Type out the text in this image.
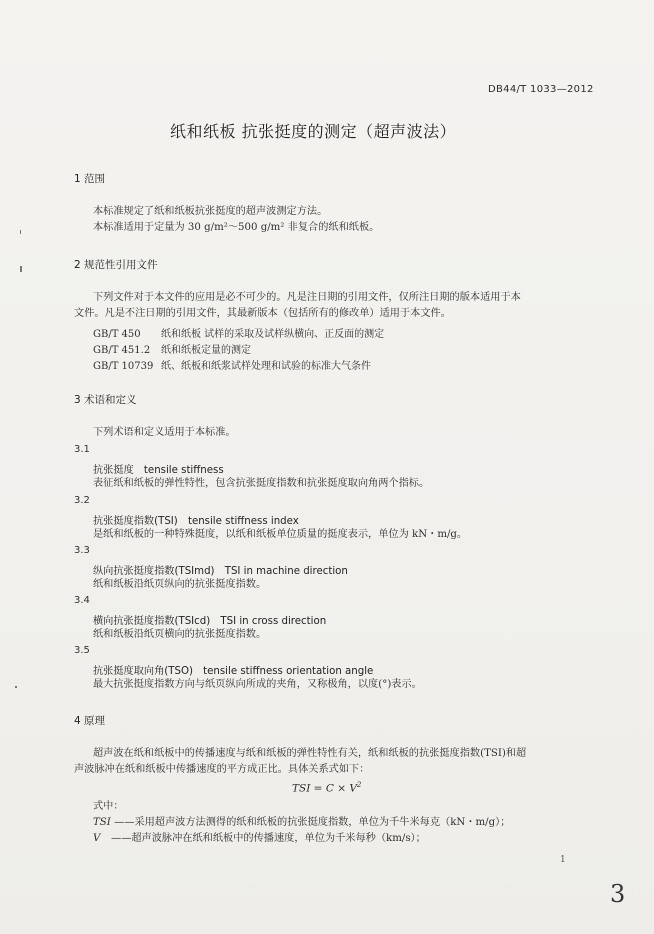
DB44/T 1033—2012
纸和纸板 抗张挺度的测定（超声波法）
1 范围
本标准规定了纸和纸板抗张挺度的超声波测定方法。
本标准适用于定量为 30 g/m²～500 g/m² 非复合的纸和纸板。
2 规范性引用文件
下列文件对于本文件的应用是必不可少的。凡是注日期的引用文件，仅所注日期的版本适用于本
文件。凡是不注日期的引用文件，其最新版本（包括所有的修改单）适用于本文件。
GB/T 450 纸和纸板 试样的采取及试样纵横向、正反面的测定
GB/T 451.2 纸和纸板定量的测定
GB/T 10739 纸、纸板和纸浆试样处理和试验的标准大气条件
3 术语和定义
下列术语和定义适用于本标准。
3.1
抗张挺度　tensile stiffness
表征纸和纸板的弹性特性，包含抗张挺度指数和抗张挺度取向角两个指标。
3.2
抗张挺度指数(TSI)　tensile stiffness index
是纸和纸板的一种特殊挺度，以纸和纸板单位质量的挺度表示，单位为 kN・m/g。
3.3
纵向抗张挺度指数(TSImd)　TSI in machine direction
纸和纸板沿纸页纵向的抗张挺度指数。
3.4
横向抗张挺度指数(TSIcd)　TSI in cross direction
纸和纸板沿纸页横向的抗张挺度指数。
3.5
抗张挺度取向角(TSO)　tensile stiffness orientation angle
最大抗张挺度指数方向与纸页纵向所成的夹角，又称极角，以度(°)表示。
4 原理
超声波在纸和纸板中的传播速度与纸和纸板的弹性特性有关，纸和纸板的抗张挺度指数(TSI)和超
声波脉冲在纸和纸板中传播速度的平方成正比。具体关系式如下：
TSI = $C \times V^2$
式中：
TSI ——采用超声波方法测得的纸和纸板的抗张挺度指数，单位为千牛米每克（kN・m/g）；
V ——超声波脉冲在纸和纸板中的传播速度，单位为千米每秒（km/s）；
1
3
